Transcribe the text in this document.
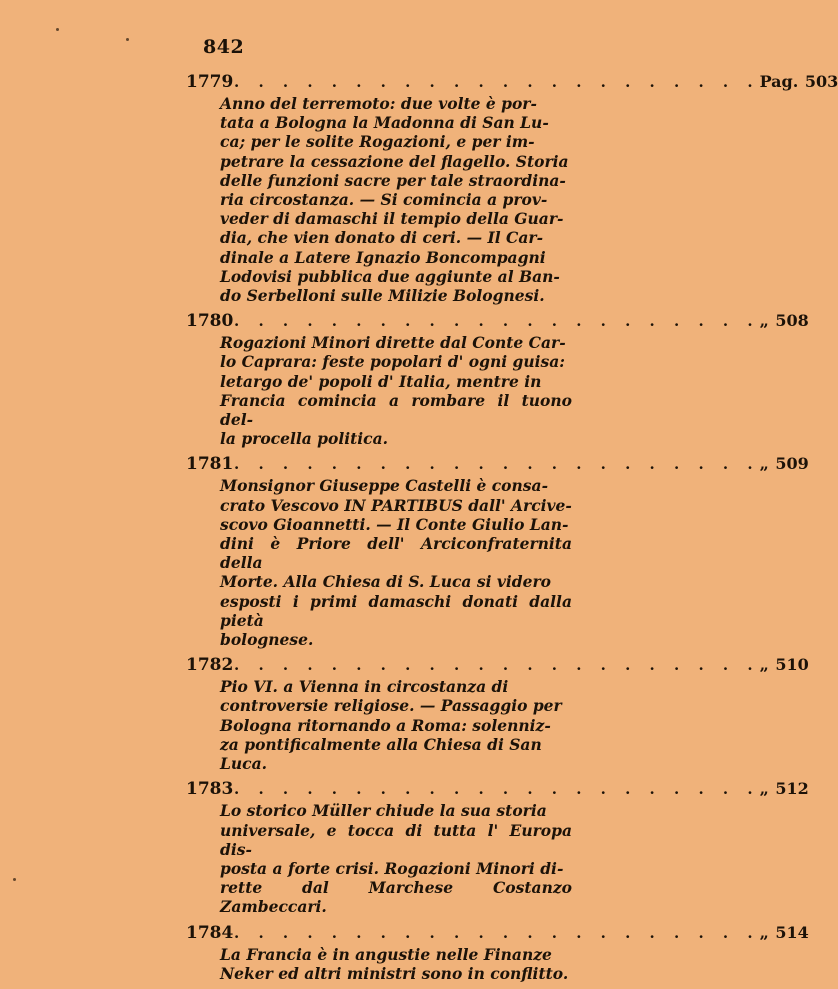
842
1779 . . . . . . . . . . . . . . . . . . . . . . Pag. 503
Anno del terremoto: due volte è por-
tata a Bologna la Madonna di San Lu-
ca; per le solite Rogazioni, e per im-
petrare la cessazione del flagello. Storia
delle funzioni sacre per tale straordina-
ria circostanza. — Si comincia a prov-
veder di damaschi il tempio della Guar-
dia, che vien donato di ceri. — Il Car-
dinale a Latere Ignazio Boncompagni
Lodovisi pubblica due aggiunte al Ban-
do Serbelloni sulle Milizie Bolognesi.
1780 . . . . . . . . . . . . . . . . . . . . . . „ 508
Rogazioni Minori dirette dal Conte Car-
lo Caprara: feste popolari d' ogni guisa:
letargo de' popoli d' Italia, mentre in
Francia comincia a rombare il tuono del-
la procella politica.
1781 . . . . . . . . . . . . . . . . . . . . . . „ 509
Monsignor Giuseppe Castelli è consa-
crato Vescovo IN PARTIBUS dall' Arcive-
scovo Gioannetti. — Il Conte Giulio Lan-
dini è Priore dell' Arciconfraternita della
Morte. Alla Chiesa di S. Luca si videro
esposti i primi damaschi donati dalla pietà
bolognese.
1782 . . . . . . . . . . . . . . . . . . . . . . „ 510
Pio VI. a Vienna in circostanza di
controversie religiose. — Passaggio per
Bologna ritornando a Roma: solenniz-
za pontificalmente alla Chiesa di San
Luca.
1783 . . . . . . . . . . . . . . . . . . . . . . „ 512
Lo storico Müller chiude la sua storia
universale, e tocca di tutta l' Europa dis-
posta a forte crisi. Rogazioni Minori di-
rette dal Marchese Costanzo Zambeccari.
1784 . . . . . . . . . . . . . . . . . . . . . . „ 514
La Francia è in angustie nelle Finanze
Neker ed altri ministri sono in conflitto.
